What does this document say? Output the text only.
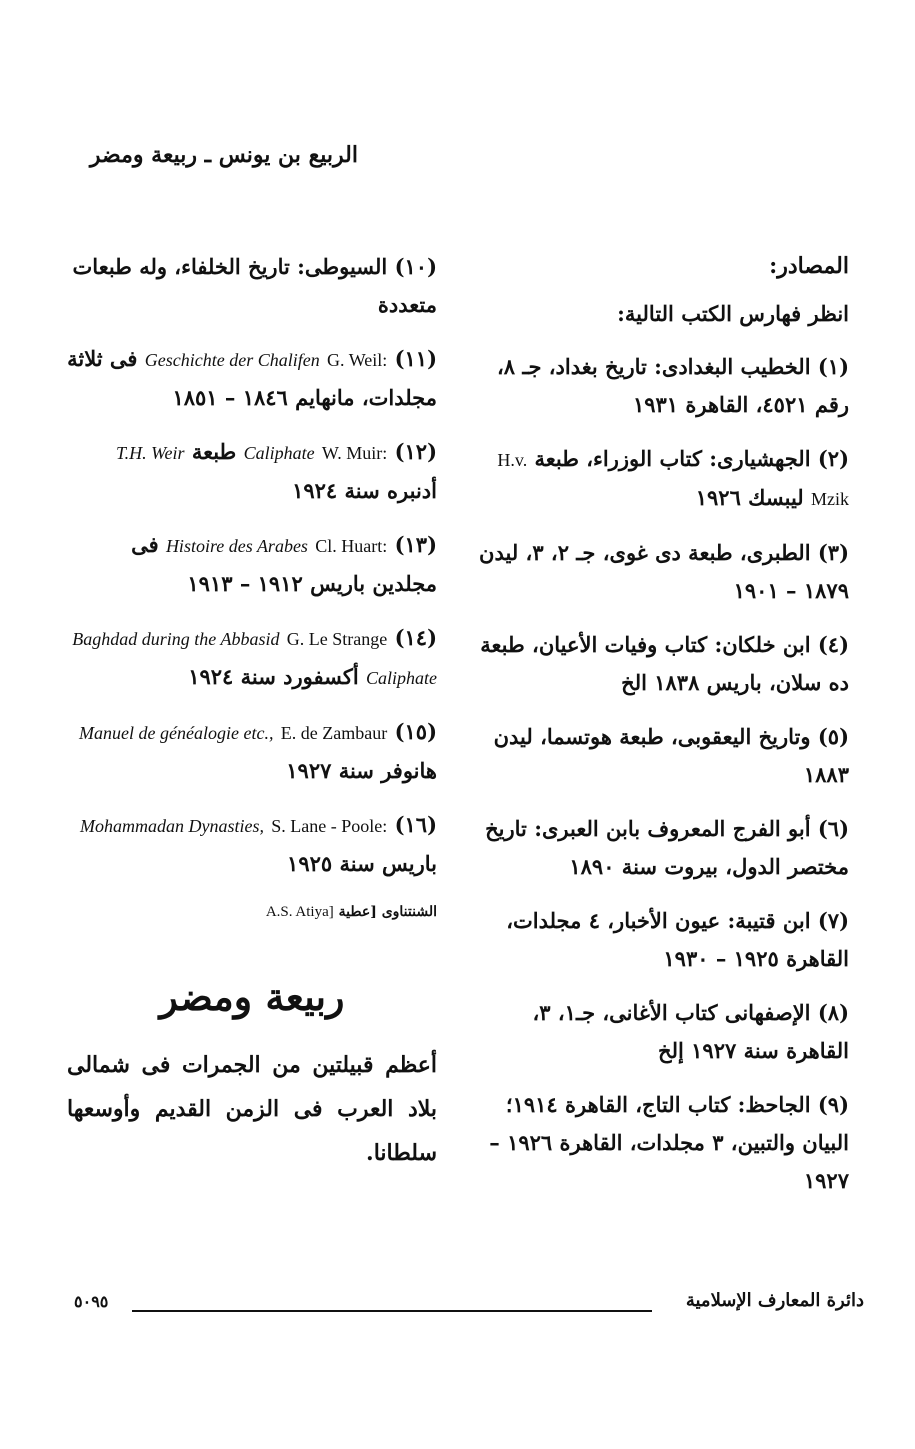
الربيع بن يونس ـ ربيعة ومضر
المصادر:
انظر فهارس الكتب التالية:
(١) الخطيب البغدادى: تاريخ بغداد، جـ ٨، رقم ٤٥٢١، القاهرة ١٩٣١
(٢) الجهشيارى: كتاب الوزراء، طبعة H.v. Mzik ليبسك ١٩٢٦
(٣) الطبرى، طبعة دى غوى، جـ ٢، ٣، ليدن ١٨٧٩ – ١٩٠١
(٤) ابن خلكان: كتاب وفيات الأعيان، طبعة ده سلان، باريس ١٨٣٨ الخ
(٥) وتاريخ اليعقوبى، طبعة هوتسما، ليدن ١٨٨٣
(٦) أبو الفرج المعروف بابن العبرى: تاريخ مختصر الدول، بيروت سنة ١٨٩٠
(٧) ابن قتيبة: عيون الأخبار، ٤ مجلدات، القاهرة ١٩٢٥ – ١٩٣٠
(٨) الإصفهانى كتاب الأغانى، جـ١، ٣، القاهرة سنة ١٩٢٧ إلخ
(٩) الجاحظ: كتاب التاج، القاهرة ١٩١٤؛ البيان والتبين، ٣ مجلدات، القاهرة ١٩٢٦ – ١٩٢٧
(١٠) السيوطى: تاريخ الخلفاء، وله طبعات متعددة
(١١) G. Weil: Geschichte der Chalifen فى ثلاثة مجلدات، مانهايم ١٨٤٦ – ١٨٥١
(١٢) W. Muir: Caliphate طبعة T.H. Weir أدنبره سنة ١٩٢٤
(١٣) Cl. Huart: Histoire des Arabes فى مجلدين باريس ١٩١٢ – ١٩١٣
(١٤) G. Le Strange Baghdad during the Abbasid Caliphate أكسفورد سنة ١٩٢٤
(١٥) E. de Zambaur Manuel de généalogie etc., هانوفر سنة ١٩٢٧
(١٦) S. Lane - Poole: Mohammadan Dynasties, باريس سنة ١٩٢٥
الشنتناوى [عطية A.S. Atiya]
ربيعة ومضر
أعظم قبيلتين من الجمرات فى شمالى بلاد العرب فى الزمن القديم وأوسعها سلطانا.
دائرة المعارف الإسلامية
٥٠٩٥
